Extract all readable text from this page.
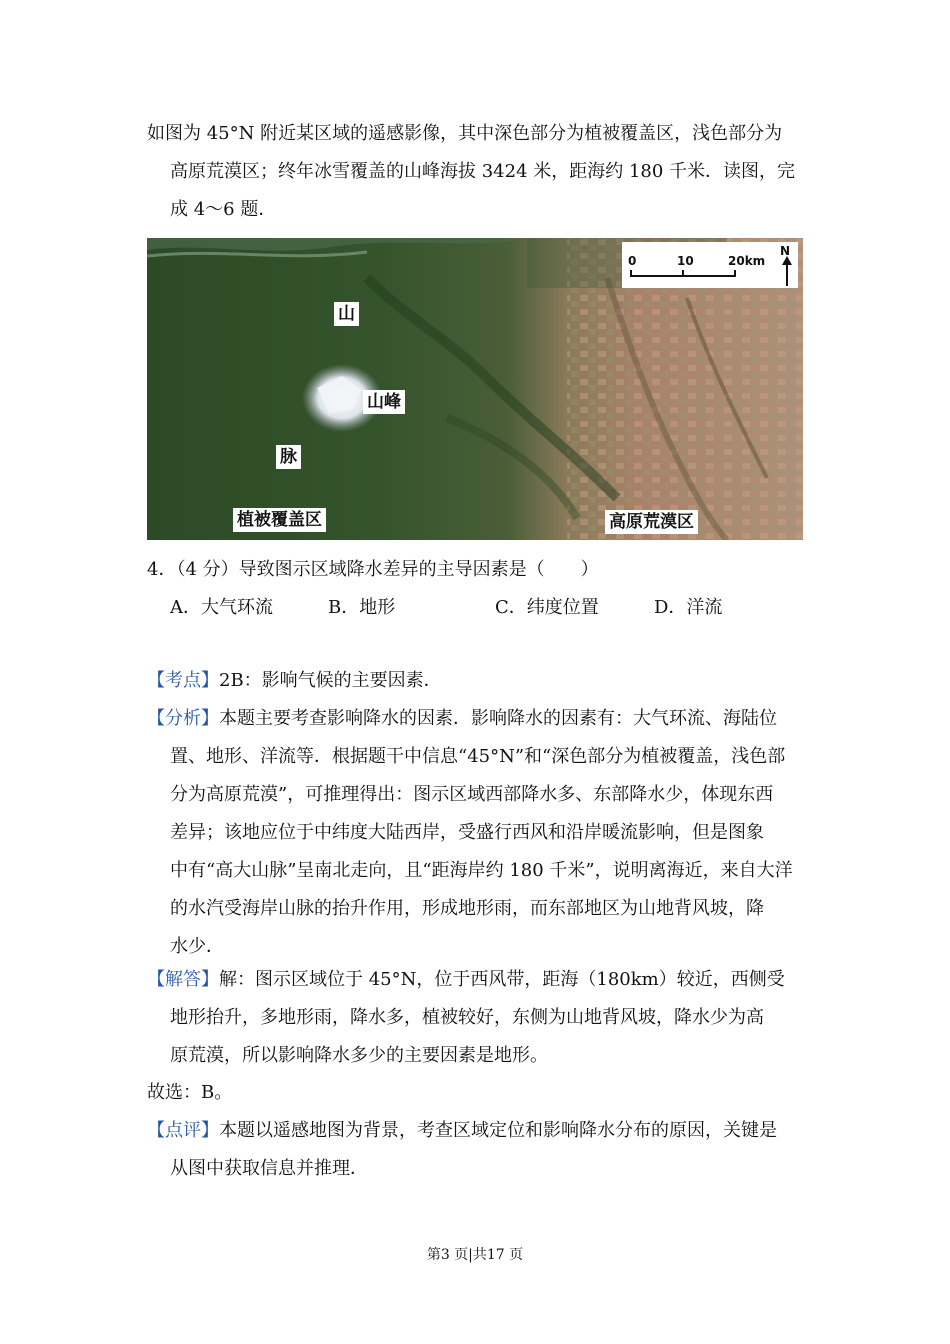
如图为 45°N 附近某区域的遥感影像，其中深色部分为植被覆盖区，浅色部分为
高原荒漠区；终年冰雪覆盖的山峰海拔 3424 米，距海约 180 千米．读图，完
成 4～6 题．
山
山峰
脉
植被覆盖区	高原荒漠区
0	10	20km
N
4．（4 分）导致图示区域降水差异的主导因素是（　　）
A．大气环流	B．地形	C．纬度位置	D．洋流
【考点】2B：影响气候的主要因素．
【分析】本题主要考查影响降水的因素．影响降水的因素有：大气环流、海陆位
置、地形、洋流等．根据题干中信息“45°N”和“深色部分为植被覆盖，浅色部
分为高原荒漠”，可推理得出：图示区域西部降水多、东部降水少，体现东西
差异；该地应位于中纬度大陆西岸，受盛行西风和沿岸暖流影响，但是图象
中有“高大山脉”呈南北走向，且“距海岸约 180 千米”，说明离海近，来自大洋
的水汽受海岸山脉的抬升作用，形成地形雨，而东部地区为山地背风坡，降
水少．
【解答】解：图示区域位于 45°N，位于西风带，距海（180km）较近，西侧受
地形抬升，多地形雨，降水多，植被较好，东侧为山地背风坡，降水少为高
原荒漠，所以影响降水多少的主要因素是地形。
故选：B。
【点评】本题以遥感地图为背景，考查区域定位和影响降水分布的原因，关键是
从图中获取信息并推理．
第3 页|共17 页
